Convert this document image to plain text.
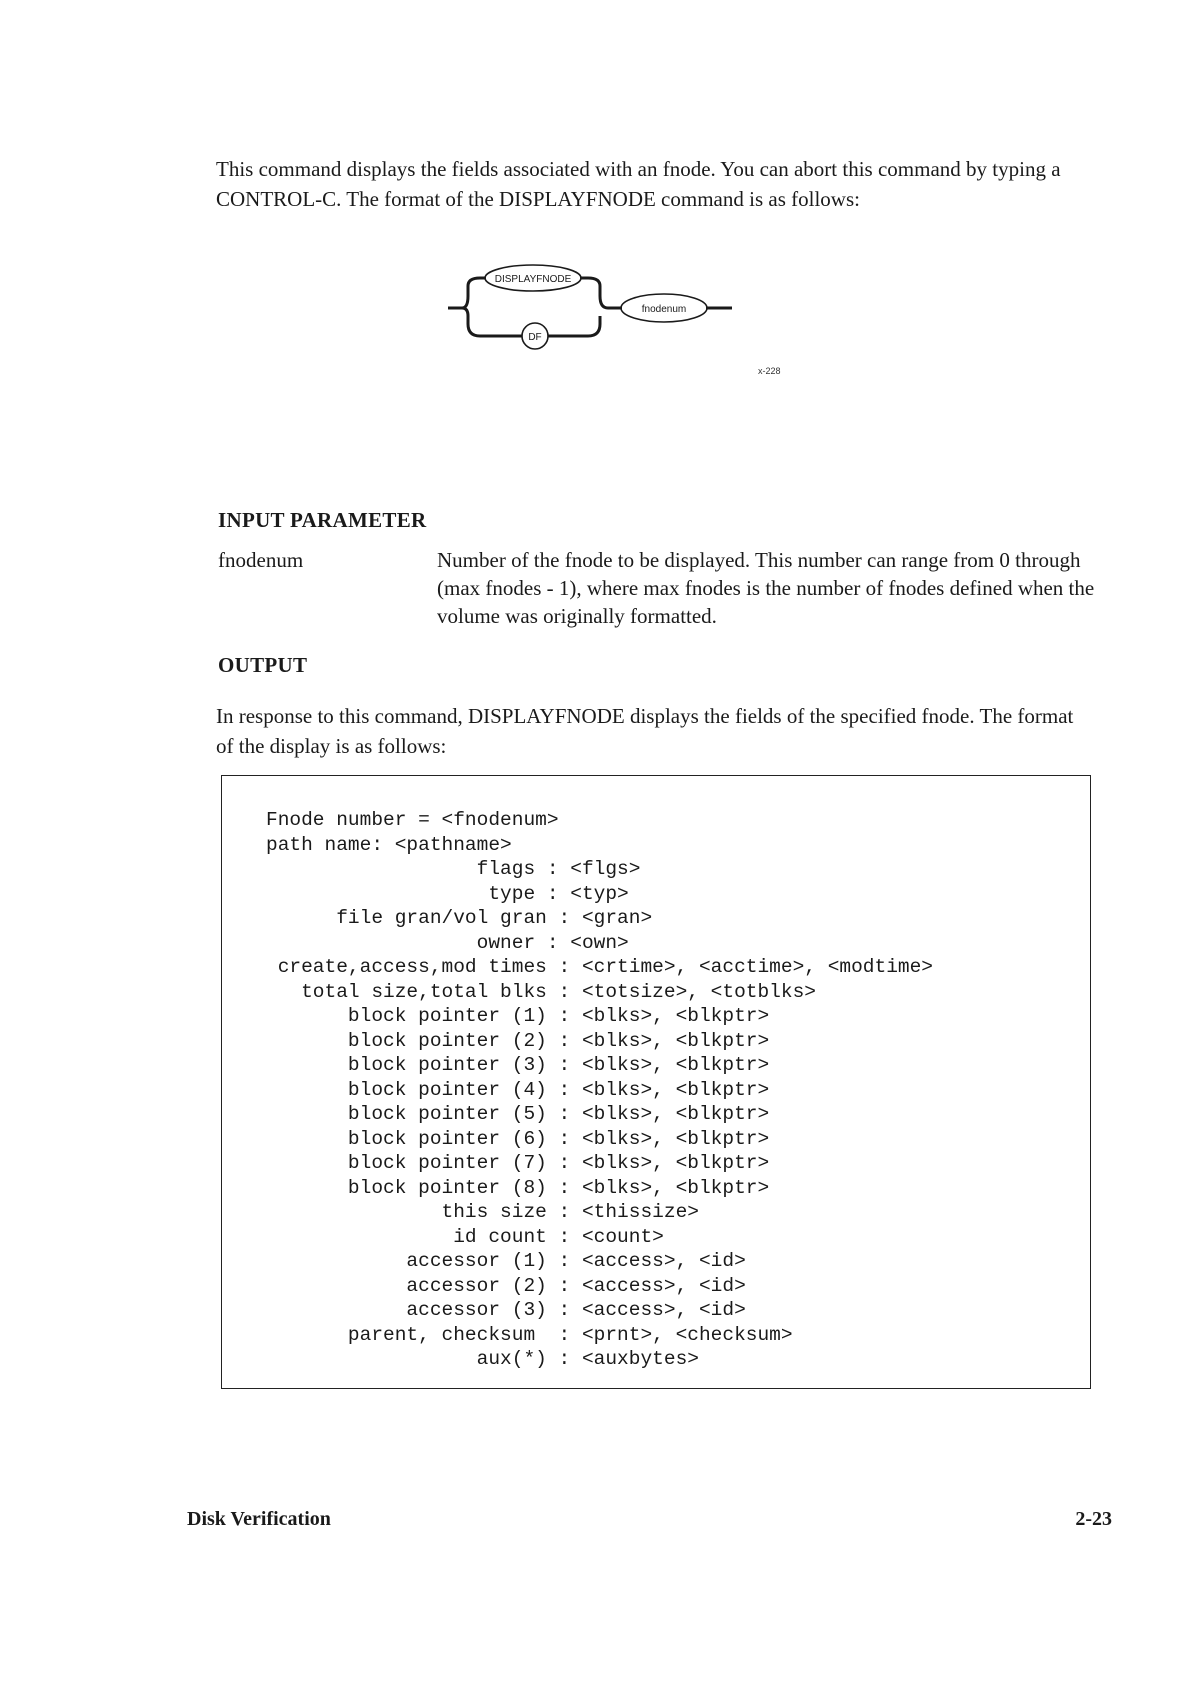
This command displays the fields associated with an fnode. You can abort this command by typing a CONTROL-C. The format of the DISPLAYFNODE command is as follows:

DISPLAYFNODE
DF
fnodenum
x-228
INPUT PARAMETER
fnodenum	Number of the fnode to be displayed. This number can range from 0 through (max fnodes - 1), where max fnodes is the number of fnodes defined when the volume was originally formatted.

OUTPUT

In response to this command, DISPLAYFNODE displays the fields of the specified fnode. The format of the display is as follows:

Fnode number = <fnodenum>
path name: <pathname>
flags : <flgs>
type : <typ>
file gran/vol gran : <gran>
owner : <own>
create,access,mod times : <crtime>, <acctime>, <modtime>
total size,total blks : <totsize>, <totblks>
block pointer (1) : <blks>, <blkptr>
block pointer (2) : <blks>, <blkptr>
block pointer (3) : <blks>, <blkptr>
block pointer (4) : <blks>, <blkptr>
block pointer (5) : <blks>, <blkptr>
block pointer (6) : <blks>, <blkptr>
block pointer (7) : <blks>, <blkptr>
block pointer (8) : <blks>, <blkptr>
this size : <thissize>
id count : <count>
accessor (1) : <access>, <id>
accessor (2) : <access>, <id>
accessor (3) : <access>, <id>
parent, checksum  : <prnt>, <checksum>
aux(*) : <auxbytes>
Disk Verification	2-23
